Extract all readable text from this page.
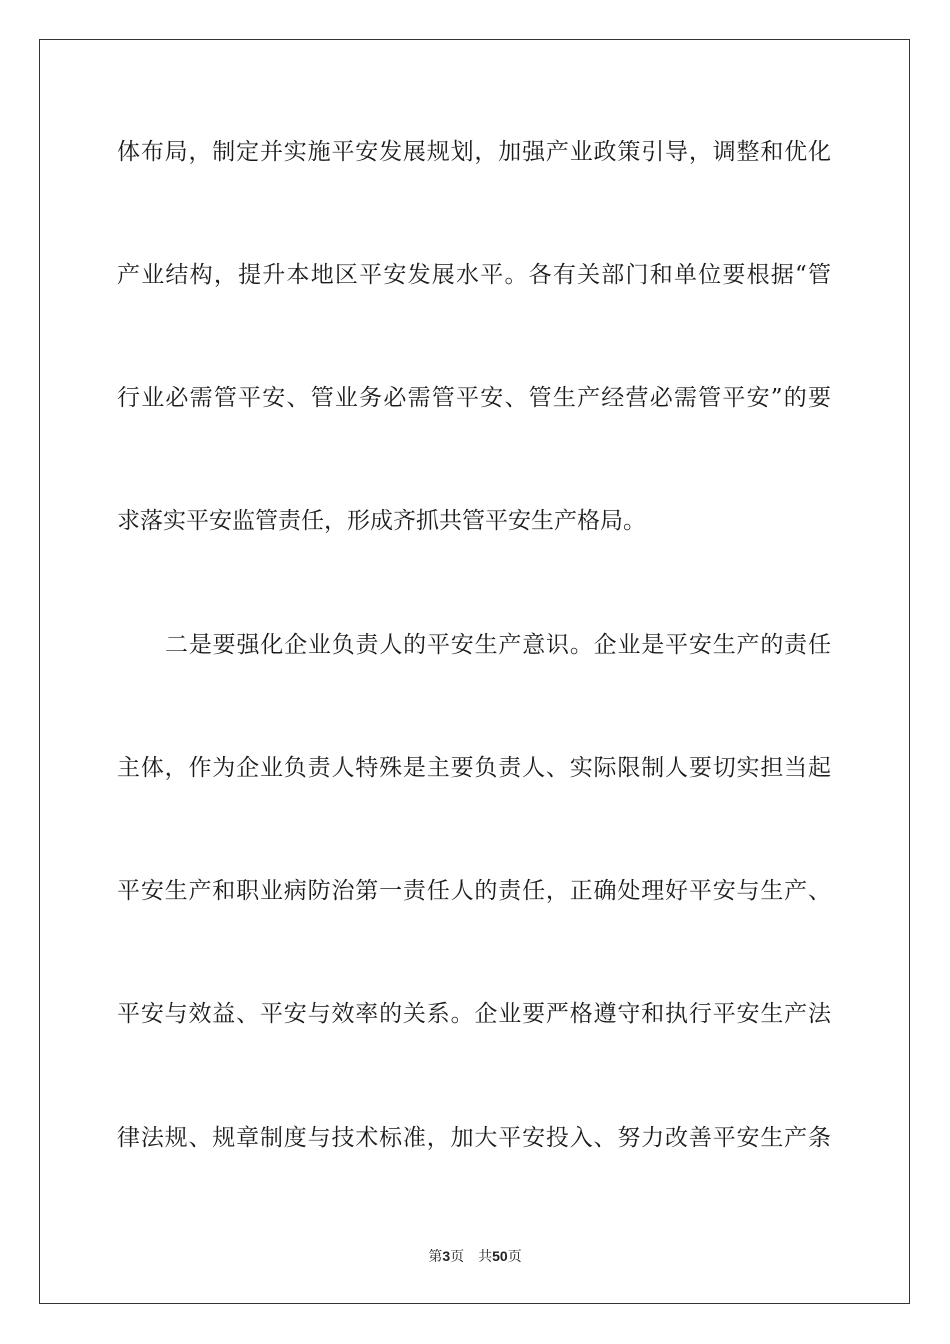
体布局，制定并实施平安发展规划，加强产业政策引导，调整和优化
产业结构，提升本地区平安发展水平。各有关部门和单位要根据“管
行业必需管平安、管业务必需管平安、管生产经营必需管平安”的要
求落实平安监管责任，形成齐抓共管平安生产格局。
二是要强化企业负责人的平安生产意识。企业是平安生产的责任
主体，作为企业负责人特殊是主要负责人、实际限制人要切实担当起
平安生产和职业病防治第一责任人的责任，正确处理好平安与生产、
平安与效益、平安与效率的关系。企业要严格遵守和执行平安生产法
律法规、规章制度与技术标准，加大平安投入、努力改善平安生产条
第3页 共50页
